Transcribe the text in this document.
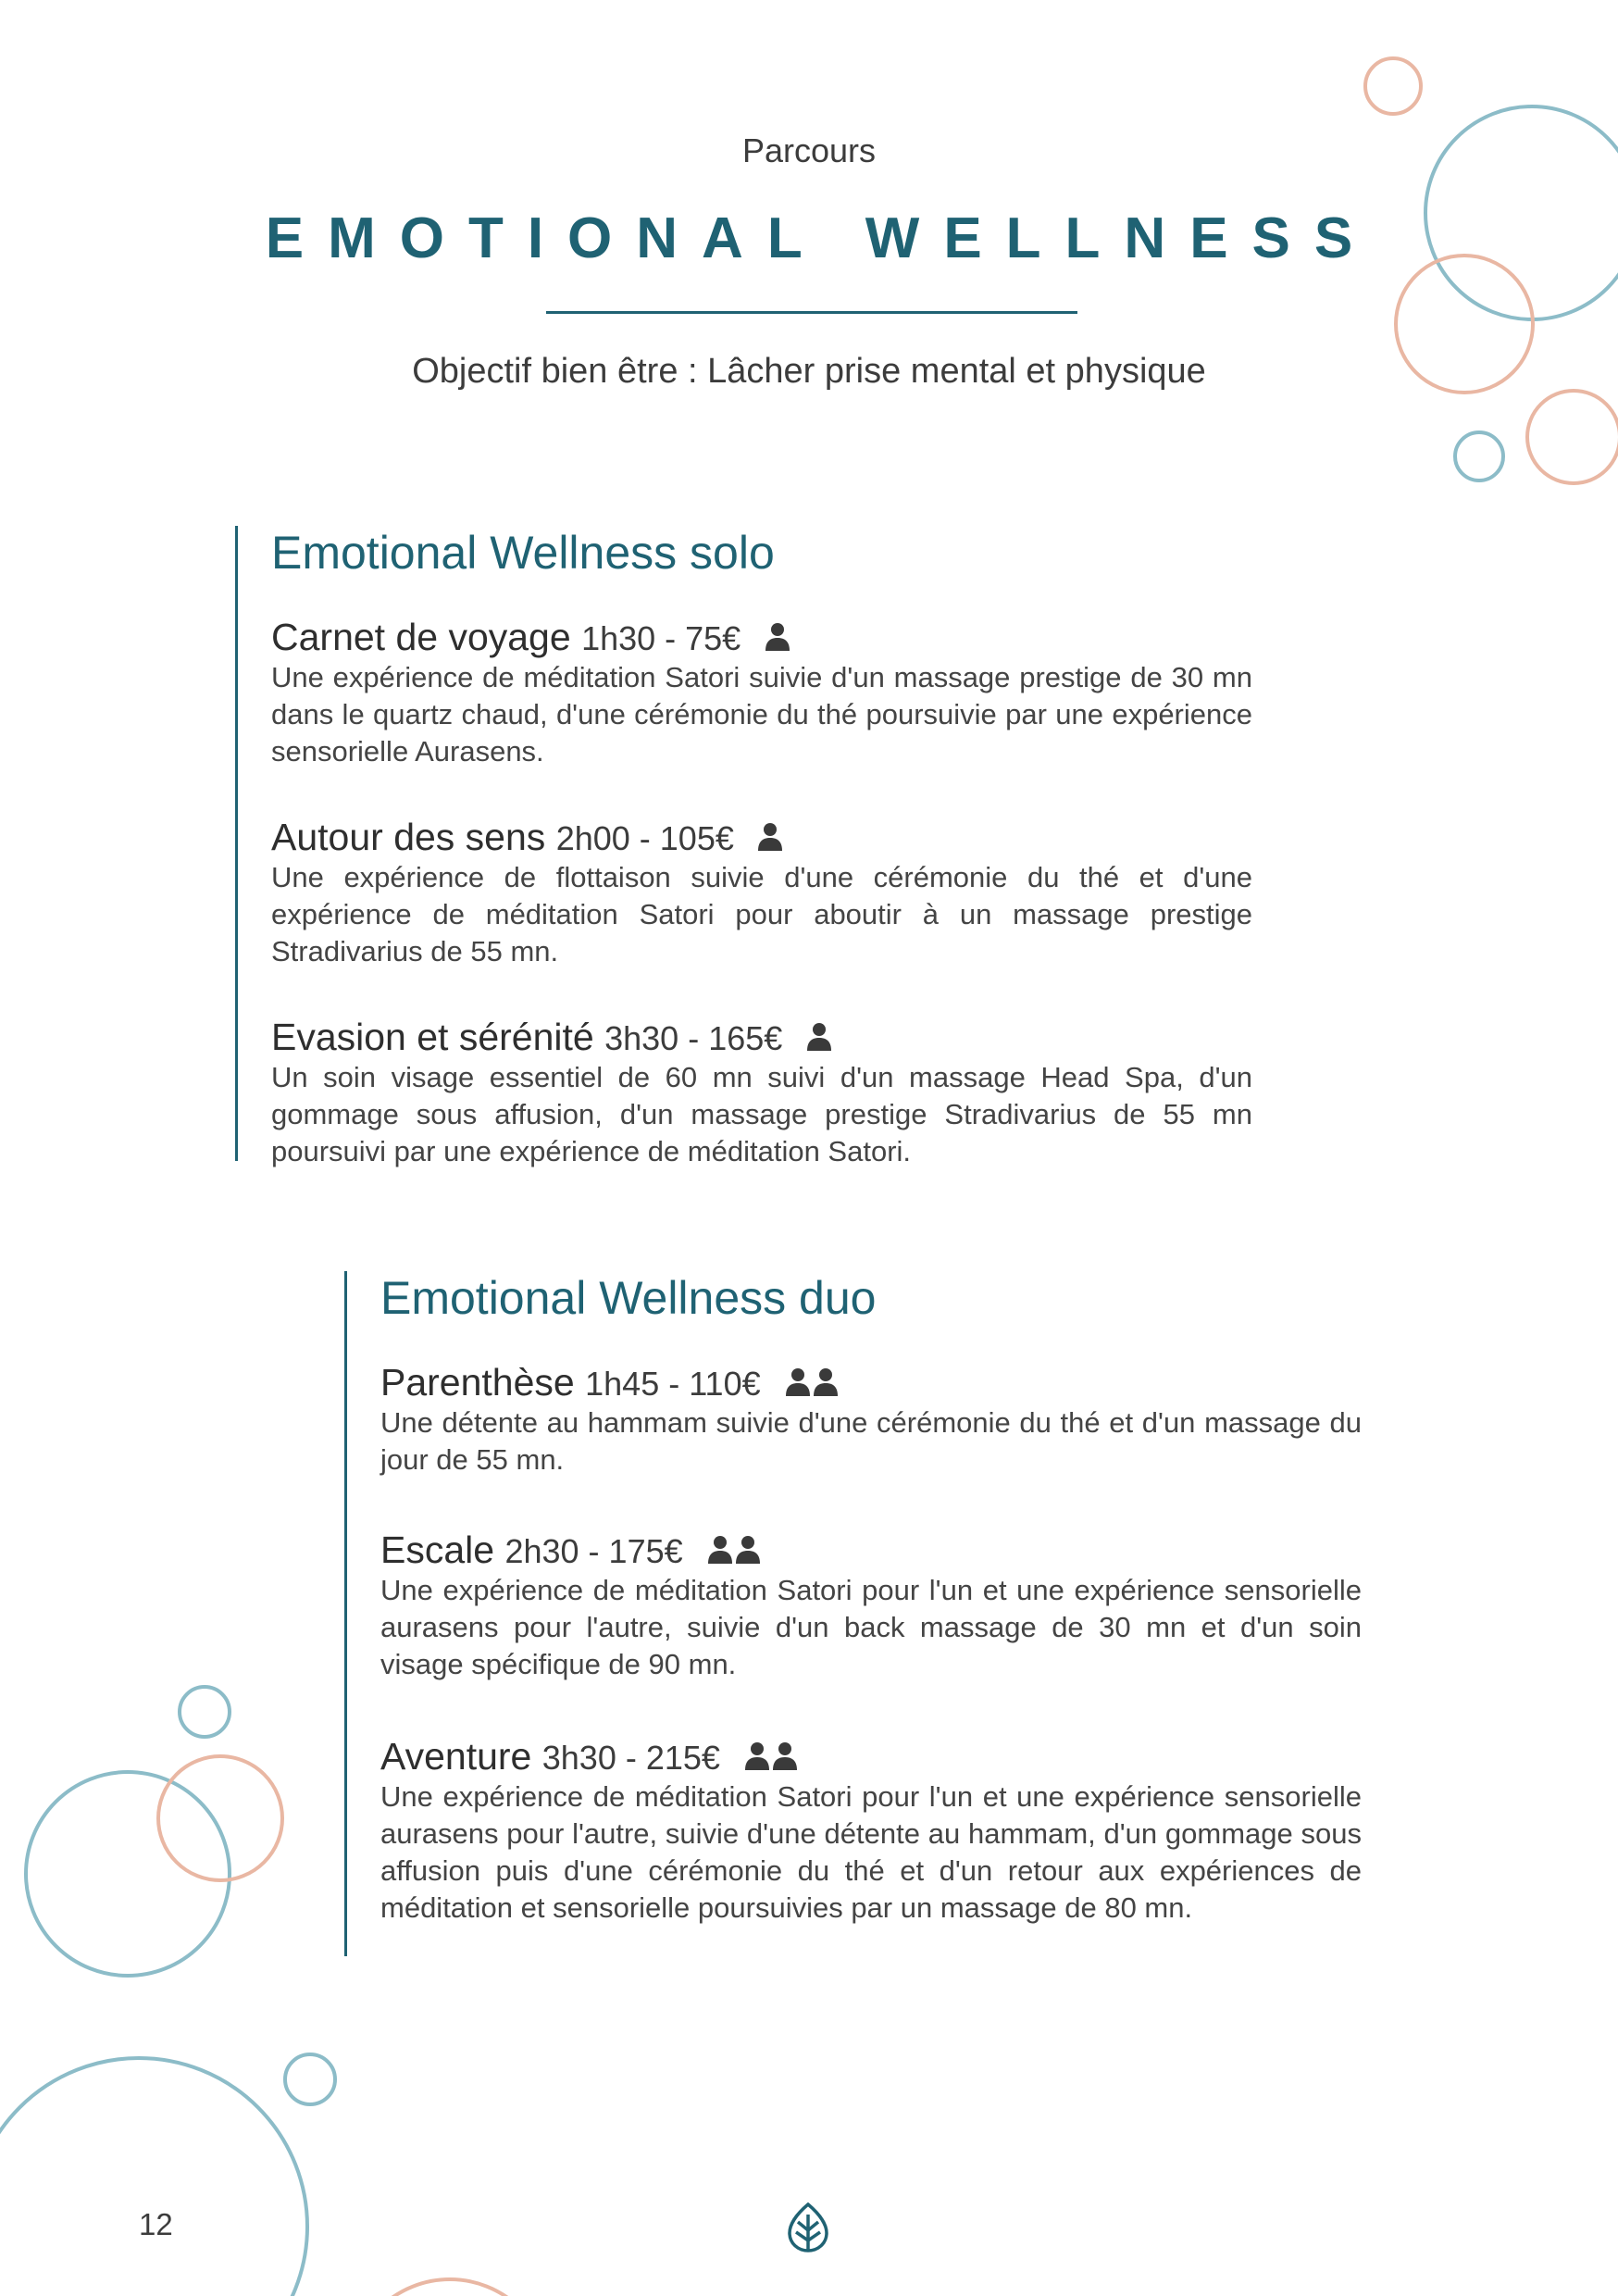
Parcours
EMOTIONAL WELLNESS
Objectif bien être : Lâcher prise mental et physique
Emotional Wellness solo
Carnet de voyage 1h30 - 75€

Une expérience de méditation Satori suivie d'un massage prestige de 30 mn dans le quartz chaud, d'une cérémonie du thé poursuivie par une expérience sensorielle Aurasens.

Autour des sens 2h00 - 105€

Une expérience de flottaison suivie d'une cérémonie du thé et d'une expérience de méditation Satori pour aboutir à un massage prestige Stradivarius de 55 mn.

Evasion et sérénité 3h30 - 165€

Un soin visage essentiel de 60 mn suivi d'un massage Head Spa, d'un gommage sous affusion, d'un massage prestige Stradivarius de 55 mn poursuivi par une expérience de méditation Satori.

Emotional Wellness duo
Parenthèse 1h45 - 110€

Une détente au hammam suivie d'une cérémonie du thé et d'un massage du jour de 55 mn.

Escale 2h30 - 175€

Une expérience de méditation Satori pour l'un et une expérience sensorielle aurasens pour l'autre, suivie d'un back massage de 30 mn et d'un soin visage spécifique de 90 mn.

Aventure 3h30 - 215€

Une expérience de méditation Satori pour l'un et une expérience sensorielle aurasens pour l'autre, suivie d'une détente au hammam, d'un gommage sous affusion puis d'une cérémonie du thé et d'un retour aux expériences de méditation et sensorielle poursuivies par un massage de 80 mn.

12
